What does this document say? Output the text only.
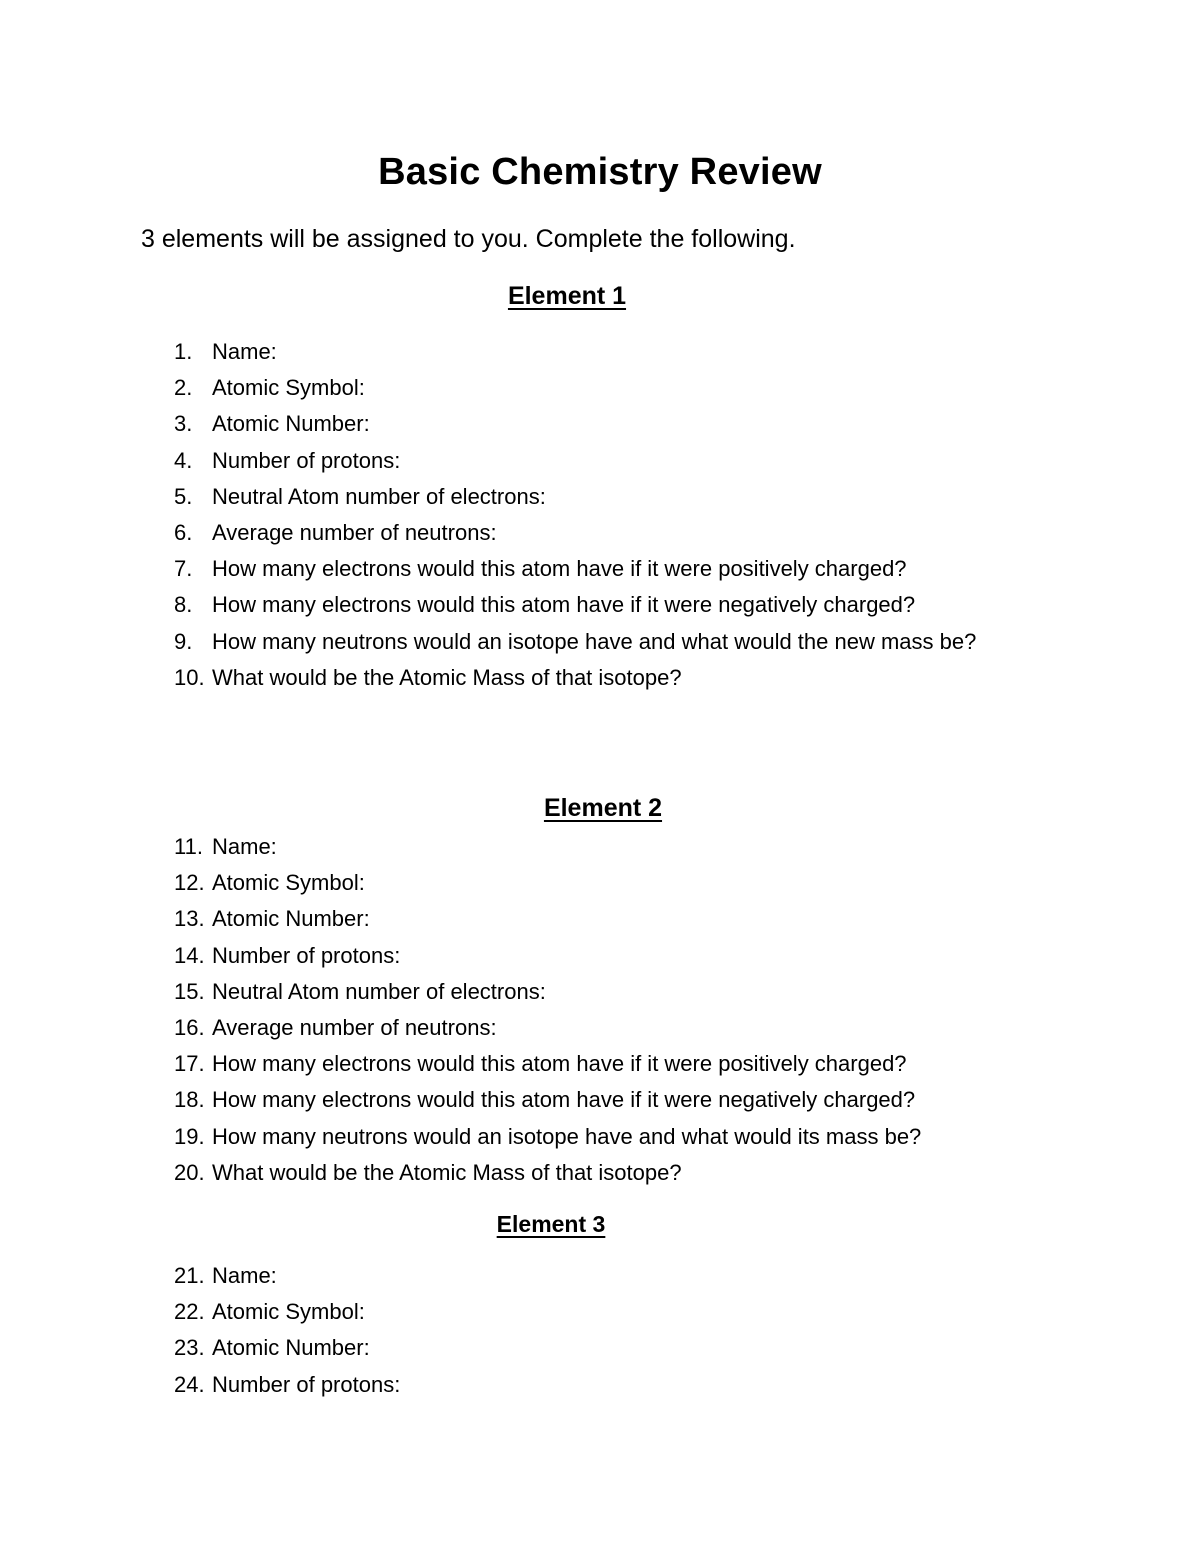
Basic Chemistry Review
3 elements will be assigned to you. Complete the following.
Element 1
1. Name:
2. Atomic Symbol:
3. Atomic Number:
4. Number of protons:
5. Neutral Atom number of electrons:
6. Average number of neutrons:
7. How many electrons would this atom have if it were positively charged?
8. How many electrons would this atom have if it were negatively charged?
9. How many neutrons would an isotope have and what would the new mass be?
10. What would be the Atomic Mass of that isotope?
Element 2
11. Name:
12. Atomic Symbol:
13. Atomic Number:
14. Number of protons:
15. Neutral Atom number of electrons:
16. Average number of neutrons:
17. How many electrons would this atom have if it were positively charged?
18. How many electrons would this atom have if it were negatively charged?
19. How many neutrons would an isotope have and what would its mass be?
20. What would be the Atomic Mass of that isotope?
Element 3
21. Name:
22. Atomic Symbol:
23. Atomic Number:
24. Number of protons:
